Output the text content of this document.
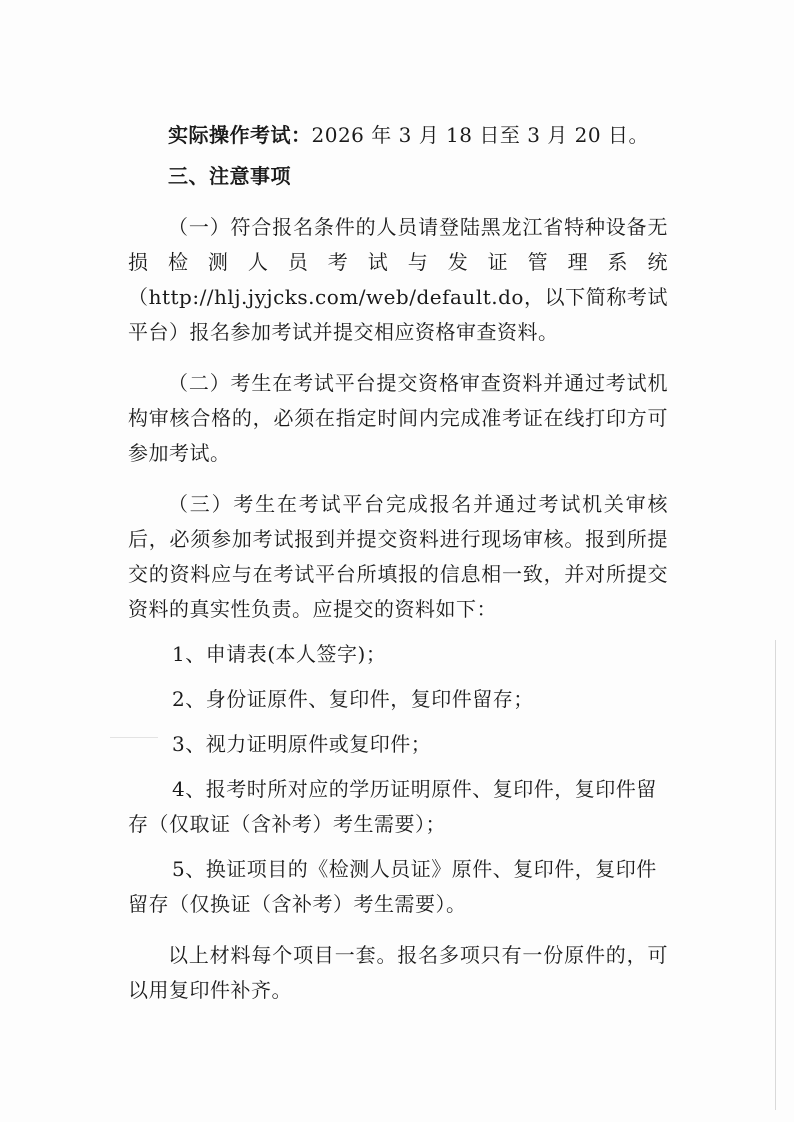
实际操作考试：2026 年 3 月 18 日至 3 月 20 日。

三、注意事项

（一）符合报名条件的人员请登陆黑龙江省特种设备无损检测人员考试与发证管理系统（http://hlj.jyjcks.com/web/default.do，以下简称考试平台）报名参加考试并提交相应资格审查资料。

（二）考生在考试平台提交资格审查资料并通过考试机构审核合格的，必须在指定时间内完成准考证在线打印方可参加考试。

（三）考生在考试平台完成报名并通过考试机关审核后，必须参加考试报到并提交资料进行现场审核。报到所提交的资料应与在考试平台所填报的信息相一致，并对所提交资料的真实性负责。应提交的资料如下：

1、申请表(本人签字)；

2、身份证原件、复印件，复印件留存；

3、视力证明原件或复印件；

4、报考时所对应的学历证明原件、复印件，复印件留存（仅取证（含补考）考生需要）；

5、换证项目的《检测人员证》原件、复印件，复印件留存（仅换证（含补考）考生需要）。

以上材料每个项目一套。报名多项只有一份原件的，可以用复印件补齐。
